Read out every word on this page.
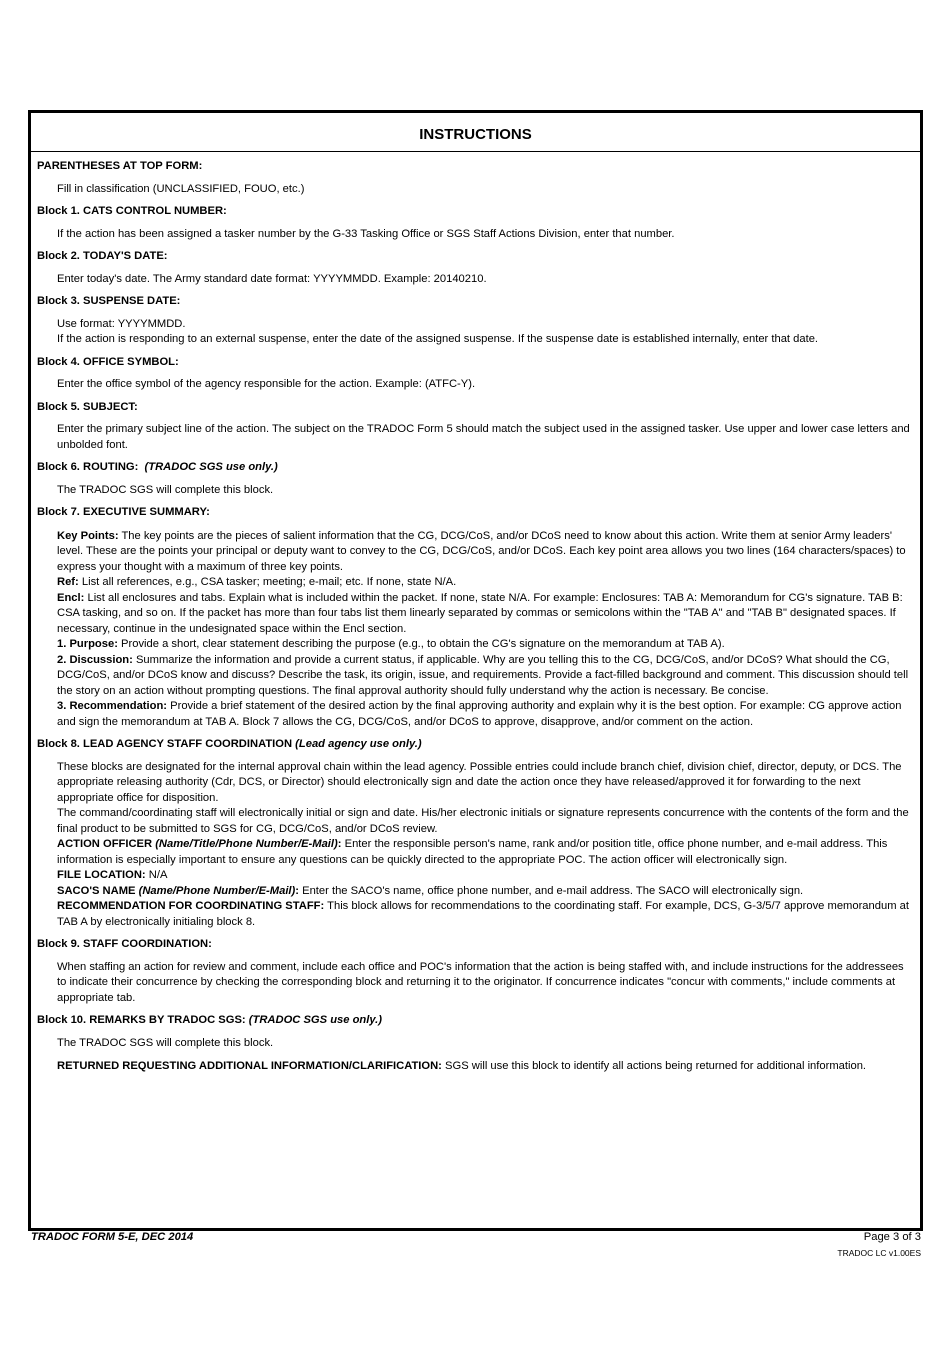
INSTRUCTIONS
PARENTHESES AT TOP FORM:

Fill in classification (UNCLASSIFIED, FOUO, etc.)

Block 1. CATS CONTROL NUMBER:

If the action has been assigned a tasker number by the G-33 Tasking Office or SGS Staff Actions Division, enter that number.

Block 2. TODAY'S DATE:

Enter today's date. The Army standard date format: YYYYMMDD. Example: 20140210.

Block 3. SUSPENSE DATE:

Use format: YYYYMMDD.

If the action is responding to an external suspense, enter the date of the assigned suspense. If the suspense date is established internally, enter that date.

Block 4. OFFICE SYMBOL:

Enter the office symbol of the agency responsible for the action. Example: (ATFC-Y).

Block 5. SUBJECT:

Enter the primary subject line of the action. The subject on the TRADOC Form 5 should match the subject used in the assigned tasker. Use upper and lower case letters and unbolded font.

Block 6. ROUTING: (TRADOC SGS use only.)

The TRADOC SGS will complete this block.

Block 7. EXECUTIVE SUMMARY:

Key Points: The key points are the pieces of salient information that the CG, DCG/CoS, and/or DCoS need to know about this action. Write them at senior Army leaders' level. These are the points your principal or deputy want to convey to the CG, DCG/CoS, and/or DCoS. Each key point area allows you two lines (164 characters/spaces) to express your thought with a maximum of three key points.

Ref: List all references, e.g., CSA tasker; meeting; e-mail; etc. If none, state N/A.

Encl: List all enclosures and tabs. Explain what is included within the packet. If none, state N/A. For example: Enclosures: TAB A: Memorandum for CG's signature. TAB B: CSA tasking, and so on. If the packet has more than four tabs list them linearly separated by commas or semicolons within the "TAB A" and "TAB B" designated spaces. If necessary, continue in the undesignated space within the Encl section.

1. Purpose: Provide a short, clear statement describing the purpose (e.g., to obtain the CG's signature on the memorandum at TAB A).

2. Discussion: Summarize the information and provide a current status, if applicable. Why are you telling this to the CG, DCG/CoS, and/or DCoS? What should the CG, DCG/CoS, and/or DCoS know and discuss? Describe the task, its origin, issue, and requirements. Provide a fact-filled background and comment. This discussion should tell the story on an action without prompting questions. The final approval authority should fully understand why the action is necessary. Be concise.

3. Recommendation: Provide a brief statement of the desired action by the final approving authority and explain why it is the best option. For example: CG approve action and sign the memorandum at TAB A. Block 7 allows the CG, DCG/CoS, and/or DCoS to approve, disapprove, and/or comment on the action.

Block 8. LEAD AGENCY STAFF COORDINATION (Lead agency use only.)

These blocks are designated for the internal approval chain within the lead agency. Possible entries could include branch chief, division chief, director, deputy, or DCS. The appropriate releasing authority (Cdr, DCS, or Director) should electronically sign and date the action once they have released/approved it for forwarding to the next appropriate office for disposition.

The command/coordinating staff will electronically initial or sign and date. His/her electronic initials or signature represents concurrence with the contents of the form and the final product to be submitted to SGS for CG, DCG/CoS, and/or DCoS review.

ACTION OFFICER (Name/Title/Phone Number/E-Mail): Enter the responsible person's name, rank and/or position title, office phone number, and e-mail address. This information is especially important to ensure any questions can be quickly directed to the appropriate POC. The action officer will electronically sign.

FILE LOCATION: N/A

SACO'S NAME (Name/Phone Number/E-Mail): Enter the SACO's name, office phone number, and e-mail address. The SACO will electronically sign.

RECOMMENDATION FOR COORDINATING STAFF: This block allows for recommendations to the coordinating staff. For example, DCS, G-3/5/7 approve memorandum at TAB A by electronically initialing block 8.

Block 9. STAFF COORDINATION:

When staffing an action for review and comment, include each office and POC's information that the action is being staffed with, and include instructions for the addressees to indicate their concurrence by checking the corresponding block and returning it to the originator. If concurrence indicates "concur with comments," include comments at appropriate tab.

Block 10. REMARKS BY TRADOC SGS: (TRADOC SGS use only.)

The TRADOC SGS will complete this block.

RETURNED REQUESTING ADDITIONAL INFORMATION/CLARIFICATION: SGS will use this block to identify all actions being returned for additional information.

TRADOC FORM 5-E, DEC 2014	Page 3 of 3
TRADOC LC v1.00ES
